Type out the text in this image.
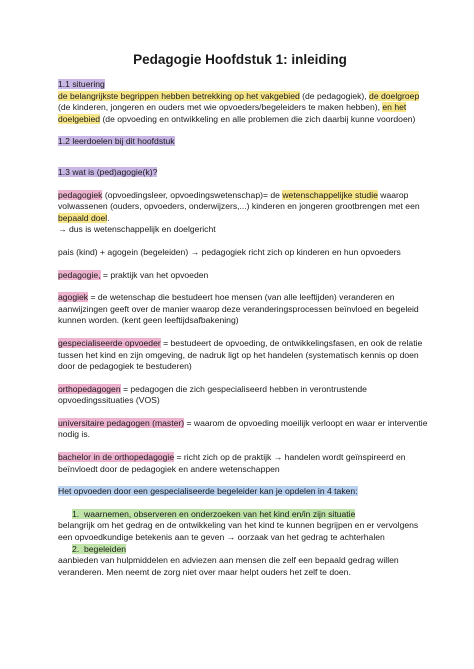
Pedagogie Hoofdstuk 1: inleiding

1.1 situering

de belangrijkste begrippen hebben betrekking op het vakgebied (de pedagogiek), de doelgroep (de kinderen, jongeren en ouders met wie opvoeders/begeleiders te maken hebben), en het doelgebied (de opvoeding en ontwikkeling en alle problemen die zich daarbij kunne voordoen)

1.2 leerdoelen bij dit hoofdstuk

1.3 wat is (ped)agogie(k)?

pedagogiek (opvoedingsleer, opvoedingswetenschap)= de wetenschappelijke studie waarop volwassenen (ouders, opvoeders, onderwijzers,...) kinderen en jongeren grootbrengen met een bepaald doel.

→ dus is wetenschappelijk en doelgericht

pais (kind) + agogein (begeleiden) → pedagogiek richt zich op kinderen en hun opvoeders

pedagogie, = praktijk van het opvoeden

agogiek = de wetenschap die bestudeert hoe mensen (van alle leeftijden) veranderen en aanwijzingen geeft over de manier waarop deze veranderingsprocessen beïnvloed en begeleid kunnen worden. (kent geen leeftijdsafbakening)

gespecialiseerde opvoeder = bestudeert de opvoeding, de ontwikkelingsfasen, en ook de relatie tussen het kind en zijn omgeving, de nadruk ligt op het handelen (systematisch kennis op doen door de pedagogiek te bestuderen)

orthopedagogen = pedagogen die zich gespecialiseerd hebben in verontrustende opvoedingssituaties (VOS)

universitaire pedagogen (master) = waarom de opvoeding moeilijk verloopt en waar er interventie nodig is.

bachelor in de orthopedagogie = richt zich op de praktijk → handelen wordt geïnspireerd en beïnvloedt door de pedagogiek en andere wetenschappen

Het opvoeden door een gespecialiseerde begeleider kan je opdelen in 4 taken:

1. waarnemen, observeren en onderzoeken van het kind en/in zijn situatie

belangrijk om het gedrag en de ontwikkeling van het kind te kunnen begrijpen en er vervolgens een opvoedkundige betekenis aan te geven → oorzaak van het gedrag te achterhalen

2. begeleiden

aanbieden van hulpmiddelen en adviezen aan mensen die zelf een bepaald gedrag willen veranderen. Men neemt de zorg niet over maar helpt ouders het zelf te doen.
